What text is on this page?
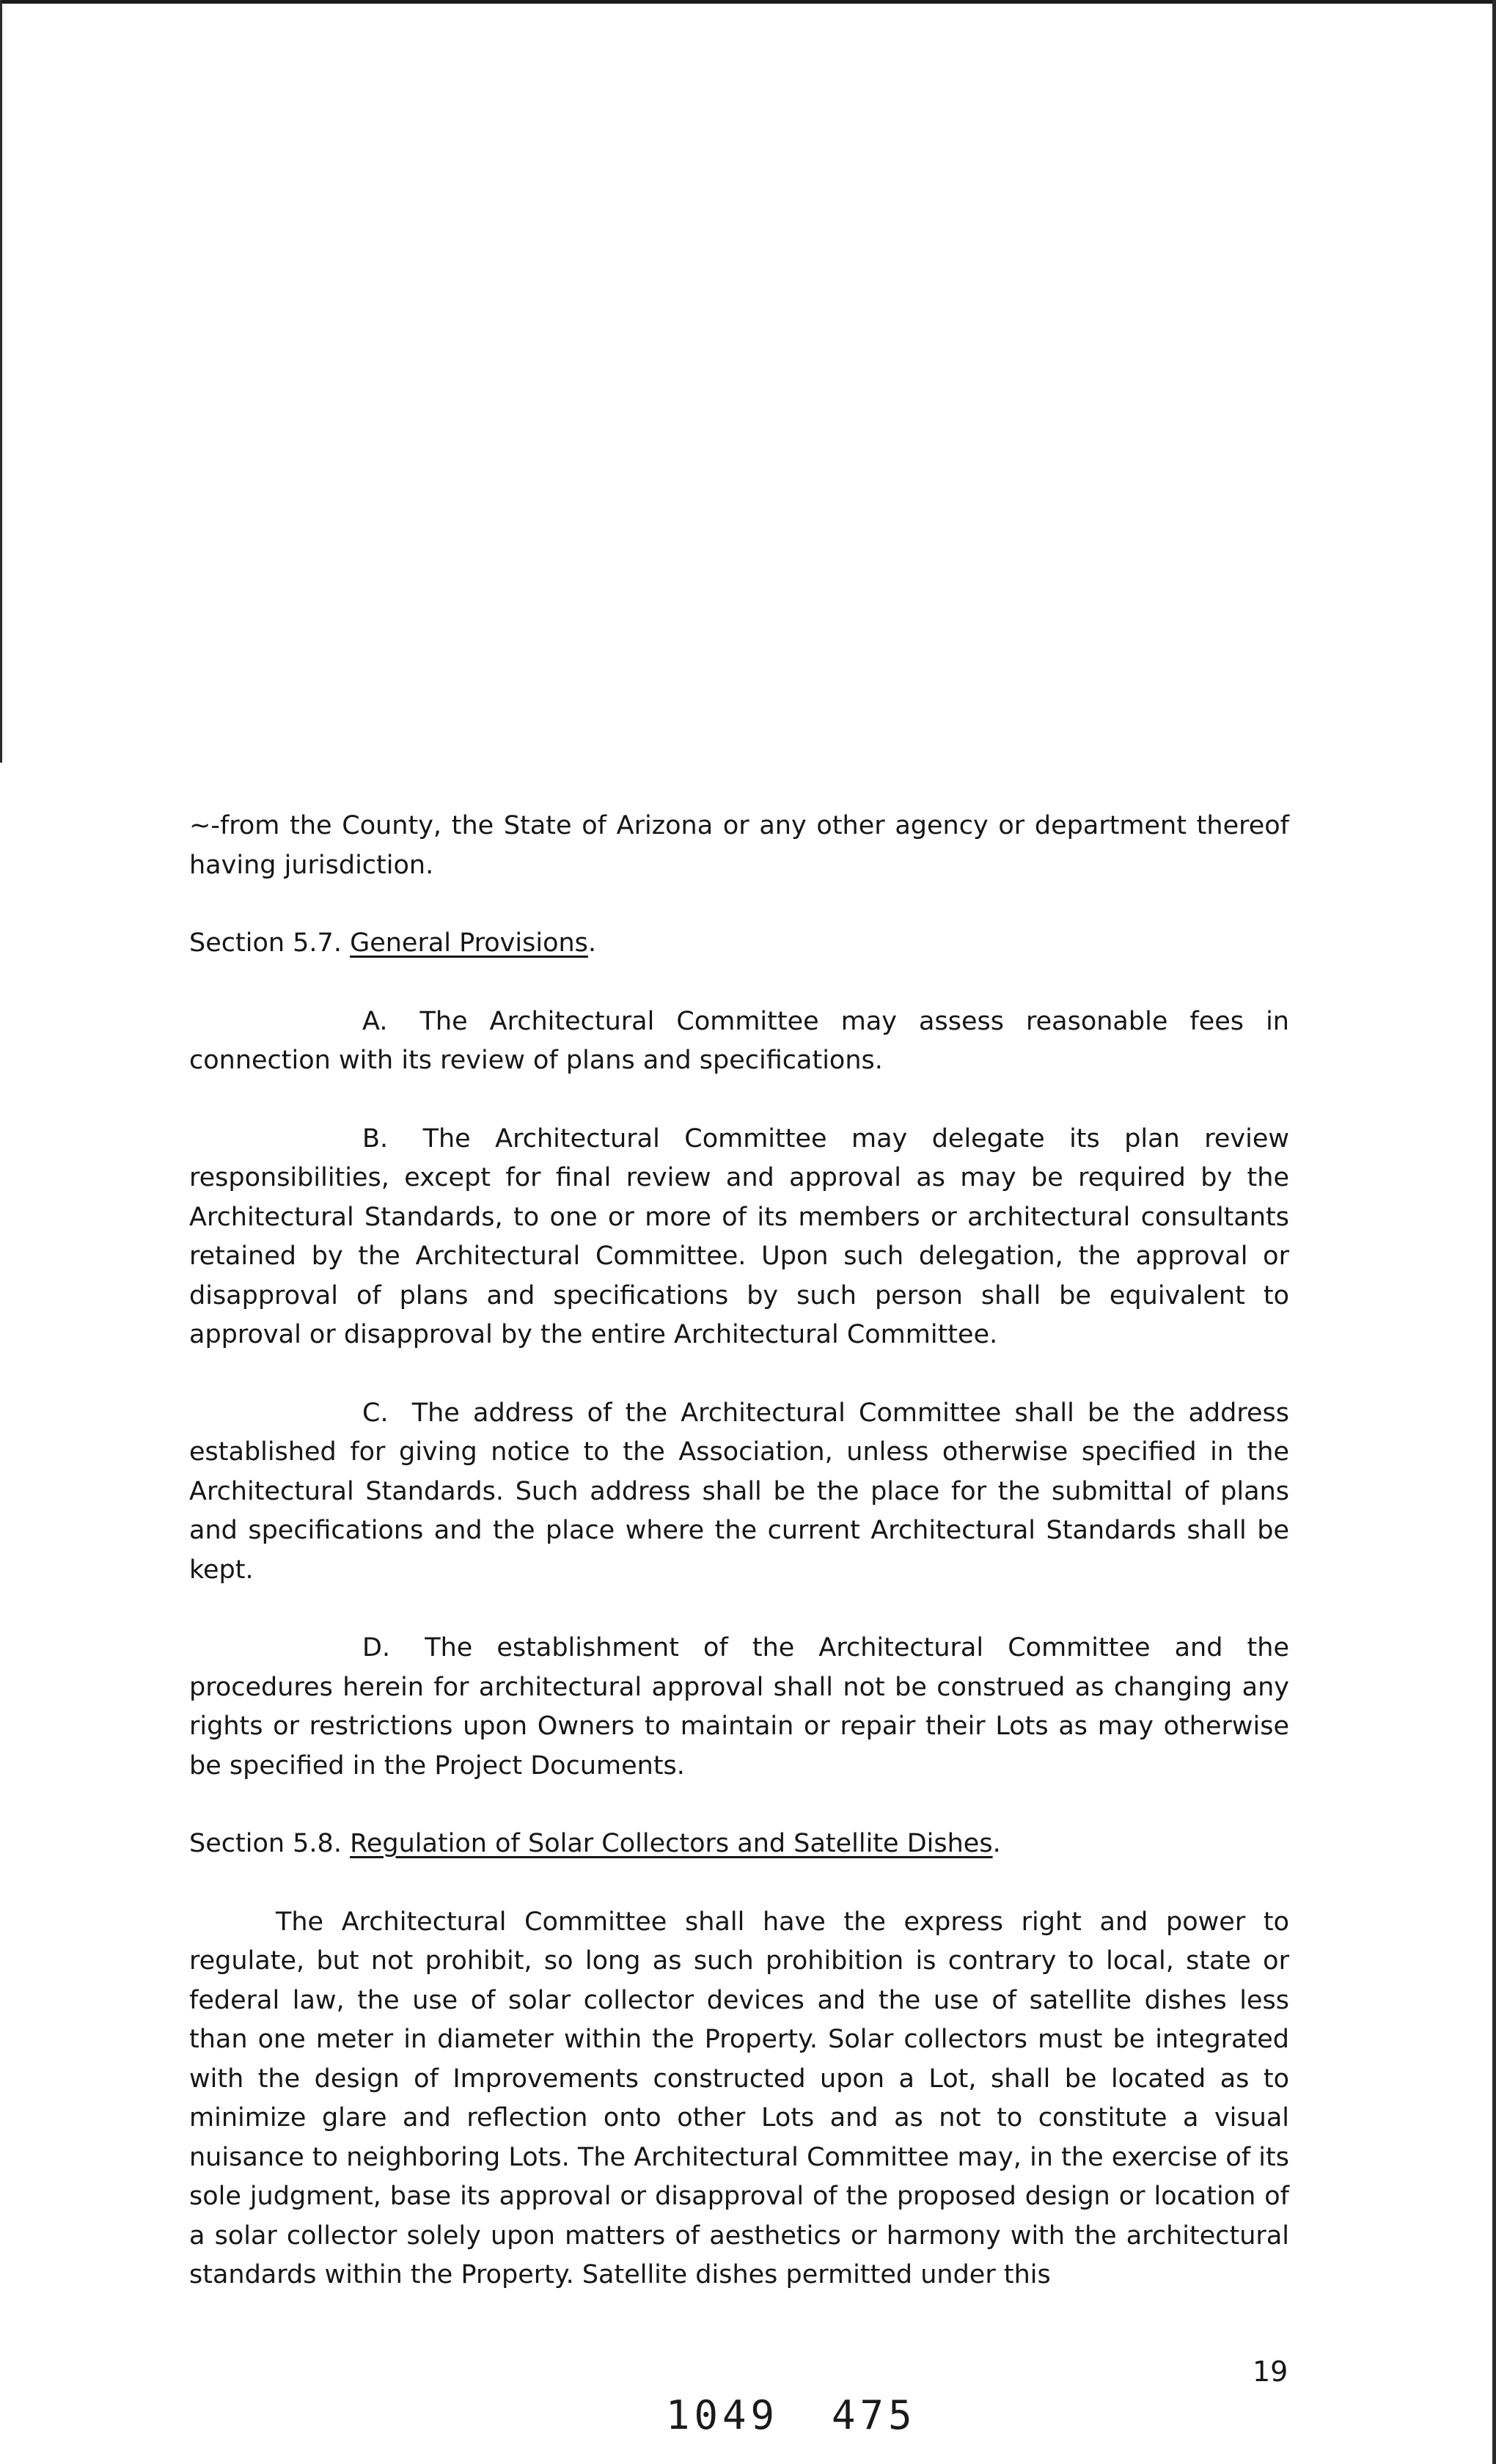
~-from the County, the State of Arizona or any other agency or department thereof having jurisdiction.

Section 5.7. General Provisions.

A. The Architectural Committee may assess reasonable fees in connection with its review of plans and specifications.

B. The Architectural Committee may delegate its plan review responsibilities, except for final review and approval as may be required by the Architectural Standards, to one or more of its members or architectural consultants retained by the Architectural Committee. Upon such delegation, the approval or disapproval of plans and specifications by such person shall be equivalent to approval or disapproval by the entire Architectural Committee.

C. The address of the Architectural Committee shall be the address established for giving notice to the Association, unless otherwise specified in the Architectural Standards. Such address shall be the place for the submittal of plans and specifications and the place where the current Architectural Standards shall be kept.

D. The establishment of the Architectural Committee and the procedures herein for architectural approval shall not be construed as changing any rights or restrictions upon Owners to maintain or repair their Lots as may otherwise be specified in the Project Documents.

Section 5.8. Regulation of Solar Collectors and Satellite Dishes.

The Architectural Committee shall have the express right and power to regulate, but not prohibit, so long as such prohibition is contrary to local, state or federal law, the use of solar collector devices and the use of satellite dishes less than one meter in diameter within the Property. Solar collectors must be integrated with the design of Improvements constructed upon a Lot, shall be located as to minimize glare and reflection onto other Lots and as not to constitute a visual nuisance to neighboring Lots. The Architectural Committee may, in the exercise of its sole judgment, base its approval or disapproval of the proposed design or location of a solar collector solely upon matters of aesthetics or harmony with the architectural standards within the Property. Satellite dishes permitted under this

19
1049 475
